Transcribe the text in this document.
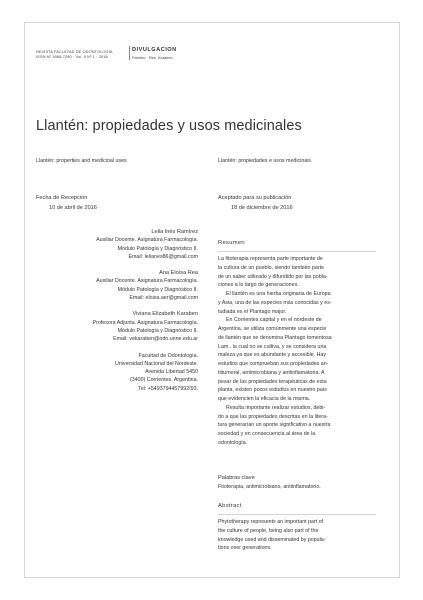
REVISTA FACULTAD DE ODONTOLOGÍA
ISSN Nº 1668-7280 · Vol. 9 Nº 1 · 2016
DIVULGACION
Farmbo · Res. Karaben
Llantén: propiedades y usos medicinales
Llantén: properties and medicinal uses	Llantén: propiedades e usos medicinais
Fecha de Recepción
10 de abril de 2016
Aceptado para su publicación
18 de diciembre de 2016
Lelia Inés Ramírez
Auxiliar Docente. Asignatura Farmacología.
Módulo Patología y Diagnóstico II.
Email: lelianes86@gmail.com
Ana Eloísa Rea
Auxiliar Docente. Asignatura Farmacología.
Módulo Patología y Diagnóstico II.
Email: eloisa.aer@gmail.com
Viviana Elizabeth Karaben
Profesora Adjunta. Asignatura Farmacología.
Módulo Patología y Diagnóstico II.
Email: vekaraben@odn.unne.edu.ar
Facultad de Odontología.
Universidad Nacional del Nordeste.
Avenida Libertad 5450
(3400) Corrientes, Argentina.
Tel: +5493794457992/93.
Resumen
La fitoterapia representa parte importante de
la cultura de un pueblo, siendo también parte
de un saber utilizado y difundido por las pobla-
ciones a lo largo de generaciones.
El llantén es una hierba originaria de Europa
y Asia, una de las especies más conocidas y es-
tudiada es el Plantago major.
En Corrientes capital y en el nordeste de
Argentina, se utiliza comúnmente una especie
de llantén que se denomina Plantago tomentosa
Lam., la cual no se cultiva, y se considera una
maleza ya que es abundante y accesible. Hay
estudios que comprueban sus propiedades an-
tiitumoral, antimicrobiana y antiinflamatoria. A
pesar de las propiedades terapéuticas de esta
planta, existen pocos estudios en nuestro país
que evidencien la eficacia de la misma.
Resulta importante realizar estudios, debi-
do a que las propiedades descritas en la litera-
tura generarían un aporte significativo a nuestra
sociedad y en consecuencia al área de la
odontología.
Palabras clave
Fitoterapia, antimicrobiano, antiinflamatorio.
Abstract
Phytotherapy represents an important part of
the culture of people, being also part of the
knowledge used and disseminated by popula-
tions over generations.
